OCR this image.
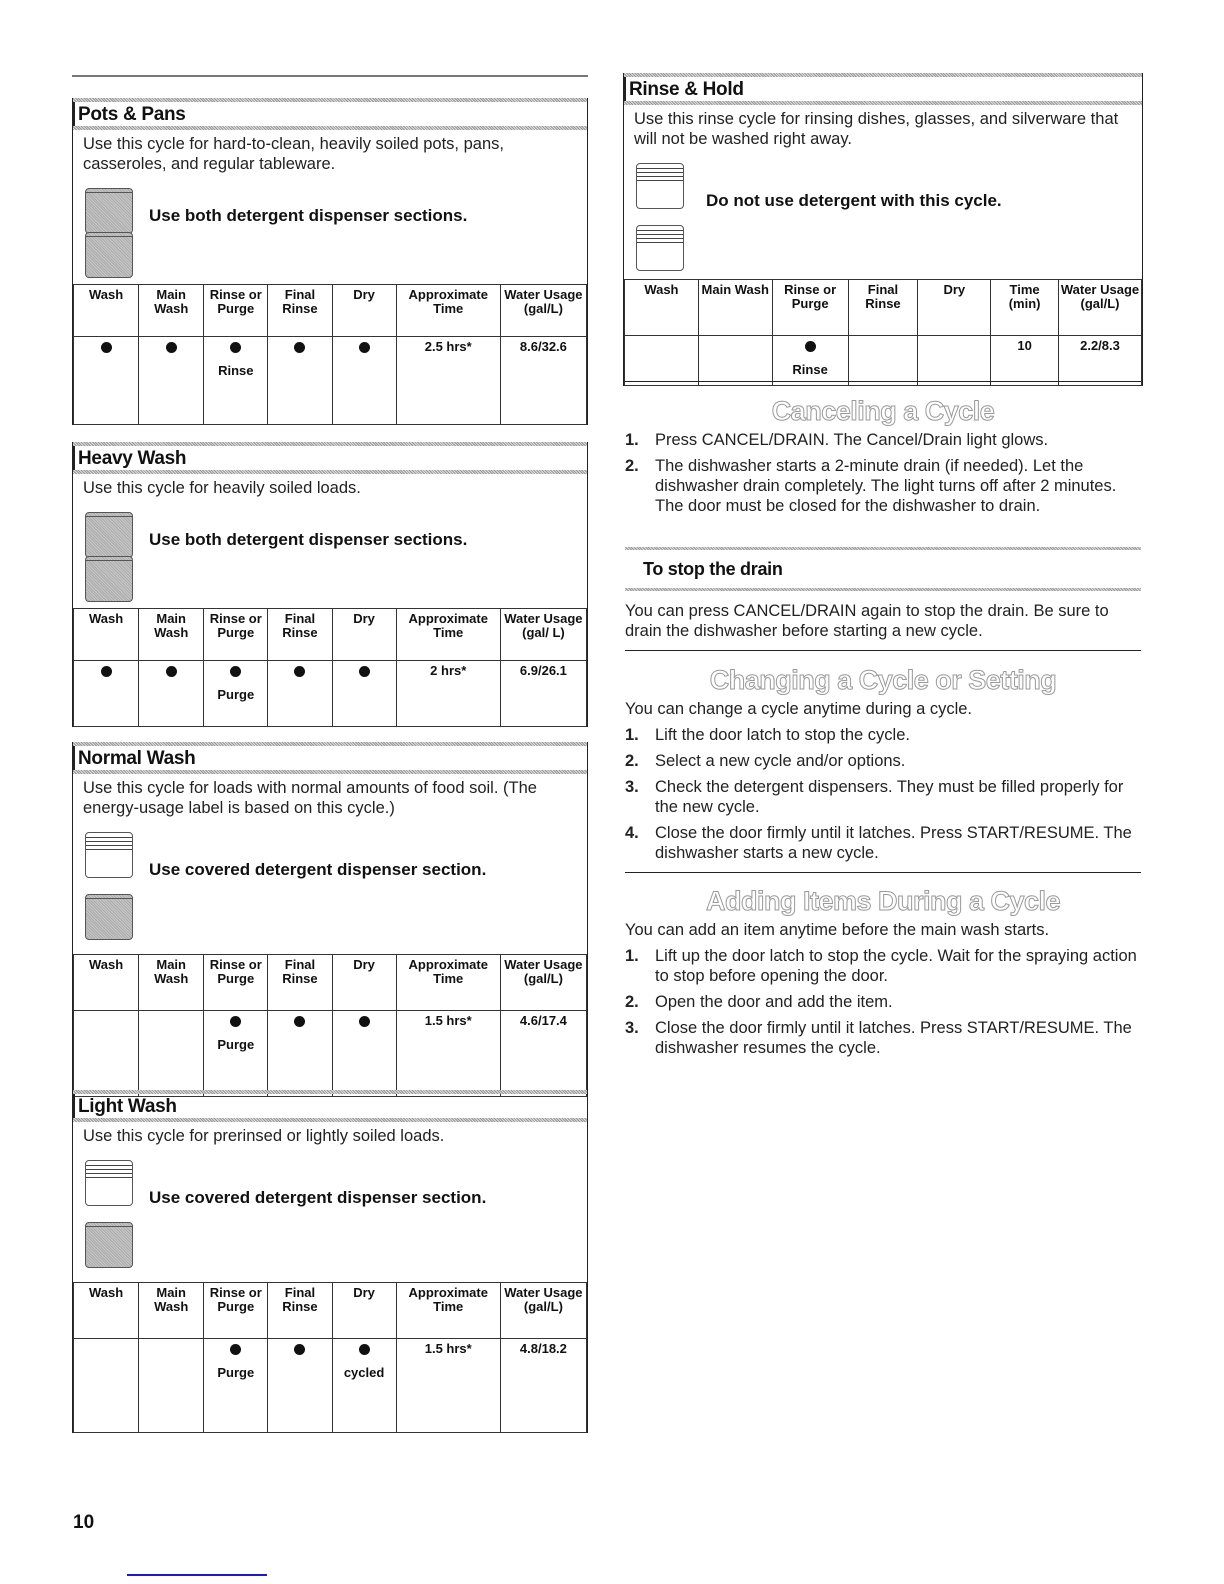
Pots & Pans
Use this cycle for hard-to-clean, heavily soiled pots, pans, casseroles, and regular tableware.
Use both detergent dispenser sections.
Wash	Main Wash	Rinse or Purge	Final Rinse	Dry	Approximate Time	Water Usage (gal/L)

		Rinse			2.5 hrs*	8.6/32.6
Heavy Wash
Use this cycle for heavily soiled loads.
Use both detergent dispenser sections.
Wash	Main Wash	Rinse or Purge	Final Rinse	Dry	Approximate Time	Water Usage (gal/ L)

		Purge			2 hrs*	6.9/26.1
Normal Wash
Use this cycle for loads with normal amounts of food soil. (The energy-usage label is based on this cycle.)
Use covered detergent dispenser section.
Wash	Main Wash	Rinse or Purge	Final Rinse	Dry	Approximate Time	Water Usage (gal/L)

		Purge			1.5 hrs*	4.6/17.4
Light Wash
Use this cycle for prerinsed or lightly soiled loads.
Use covered detergent dispenser section.
Wash	Main Wash	Rinse or Purge	Final Rinse	Dry	Approximate Time	Water Usage (gal/L)

		Purge		cycled	1.5 hrs*	4.8/18.2
Rinse & Hold
Use this rinse cycle for rinsing dishes, glasses, and silverware that will not be washed right away.
Do not use detergent with this cycle.
Wash	Main Wash	Rinse or Purge	Final Rinse	Dry	Time (min)	Water Usage (gal/L)

		Rinse			10	2.2/8.3
Canceling a Cycle
1. Press CANCEL/DRAIN. The Cancel/Drain light glows.
2. The dishwasher starts a 2-minute drain (if needed). Let the dishwasher drain completely. The light turns off after 2 minutes. The door must be closed for the dishwasher to drain.
To stop the drain
You can press CANCEL/DRAIN again to stop the drain. Be sure to drain the dishwasher before starting a new cycle.
Changing a Cycle or Setting
You can change a cycle anytime during a cycle.
1. Lift the door latch to stop the cycle.
2. Select a new cycle and/or options.
3. Check the detergent dispensers. They must be filled properly for the new cycle.
4. Close the door firmly until it latches. Press START/RESUME. The dishwasher starts a new cycle.
Adding Items During a Cycle
You can add an item anytime before the main wash starts.
1. Lift up the door latch to stop the cycle. Wait for the spraying action to stop before opening the door.
2. Open the door and add the item.
3. Close the door firmly until it latches. Press START/RESUME. The dishwasher resumes the cycle.
10
